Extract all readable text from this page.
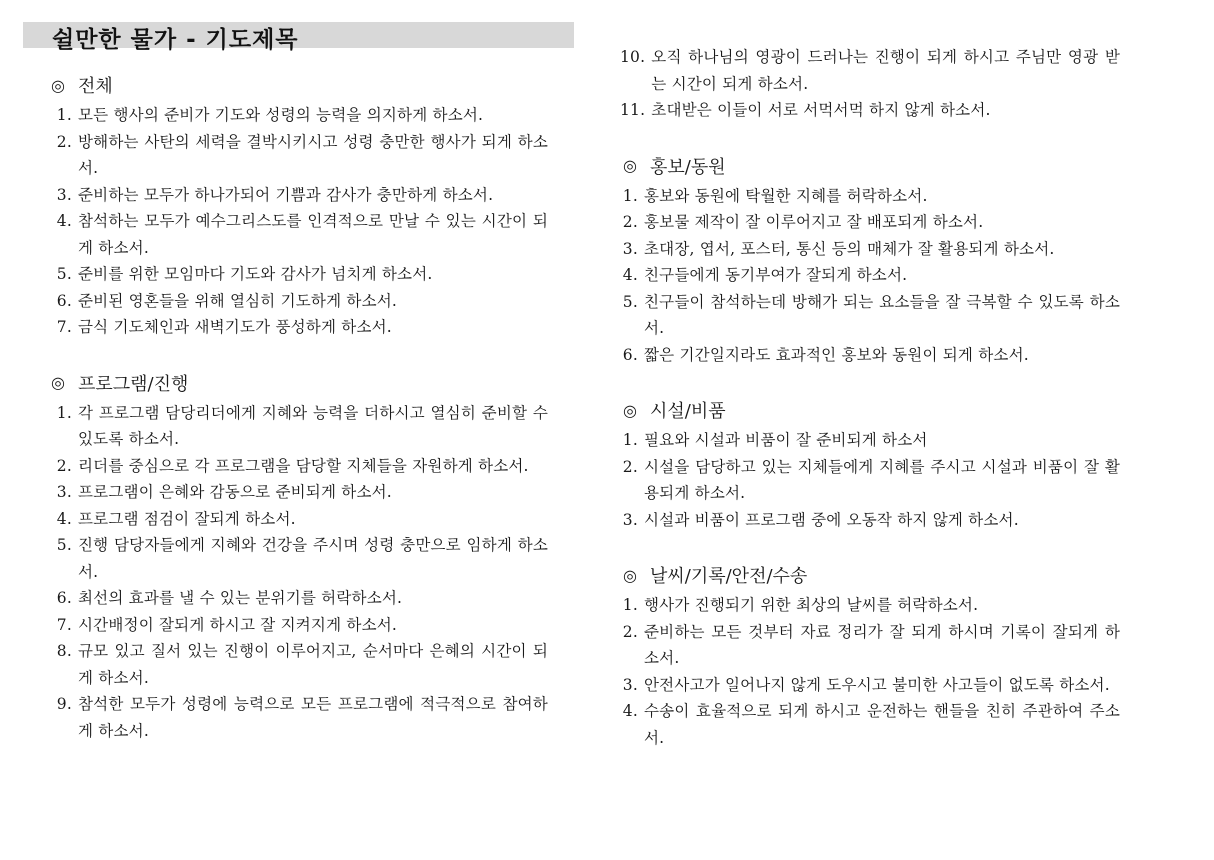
쉴만한 물가 - 기도제목
◎ 전체
1. 모든 행사의 준비가 기도와 성령의 능력을 의지하게 하소서.
2. 방해하는 사탄의 세력을 결박시키시고 성령 충만한 행사가 되게 하소서.
3. 준비하는 모두가 하나가되어 기쁨과 감사가 충만하게 하소서.
4. 참석하는 모두가 예수그리스도를 인격적으로 만날 수 있는 시간이 되게 하소서.
5. 준비를 위한 모임마다 기도와 감사가 넘치게 하소서.
6. 준비된 영혼들을 위해 열심히 기도하게 하소서.
7. 금식 기도체인과 새벽기도가 풍성하게 하소서.
◎ 프로그램/진행
1. 각 프로그램 담당리더에게 지혜와 능력을 더하시고 열심히 준비할 수 있도록 하소서.
2. 리더를 중심으로 각 프로그램을 담당할 지체들을 자원하게 하소서.
3. 프로그램이 은혜와 감동으로 준비되게 하소서.
4. 프로그램 점검이 잘되게 하소서.
5. 진행 담당자들에게 지혜와 건강을 주시며 성령 충만으로 임하게 하소서.
6. 최선의 효과를 낼 수 있는 분위기를 허락하소서.
7. 시간배정이 잘되게 하시고 잘 지켜지게 하소서.
8. 규모 있고 질서 있는 진행이 이루어지고, 순서마다 은혜의 시간이 되게 하소서.
9. 참석한 모두가 성령에 능력으로 모든 프로그램에 적극적으로 참여하게 하소서.
10. 오직 하나님의 영광이 드러나는 진행이 되게 하시고 주님만 영광 받는 시간이 되게 하소서.
11. 초대받은 이들이 서로 서먹서먹 하지 않게 하소서.
◎ 홍보/동원
1. 홍보와 동원에 탁월한 지혜를 허락하소서.
2. 홍보물 제작이 잘 이루어지고 잘 배포되게 하소서.
3. 초대장, 엽서, 포스터, 통신 등의 매체가 잘 활용되게 하소서.
4. 친구들에게 동기부여가 잘되게 하소서.
5. 친구들이 참석하는데 방해가 되는 요소들을 잘 극복할 수 있도록 하소서.
6. 짧은 기간일지라도 효과적인 홍보와 동원이 되게 하소서.
◎ 시설/비품
1. 필요와 시설과 비품이 잘 준비되게 하소서
2. 시설을 담당하고 있는 지체들에게 지혜를 주시고 시설과 비품이 잘 활용되게 하소서.
3. 시설과 비품이 프로그램 중에 오동작 하지 않게 하소서.
◎ 날씨/기록/안전/수송
1. 행사가 진행되기 위한 최상의 날씨를 허락하소서.
2. 준비하는 모든 것부터 자료 정리가 잘 되게 하시며 기록이 잘되게 하소서.
3. 안전사고가 일어나지 않게 도우시고 불미한 사고들이 없도록 하소서.
4. 수송이 효율적으로 되게 하시고 운전하는 핸들을 친히 주관하여 주소서.
